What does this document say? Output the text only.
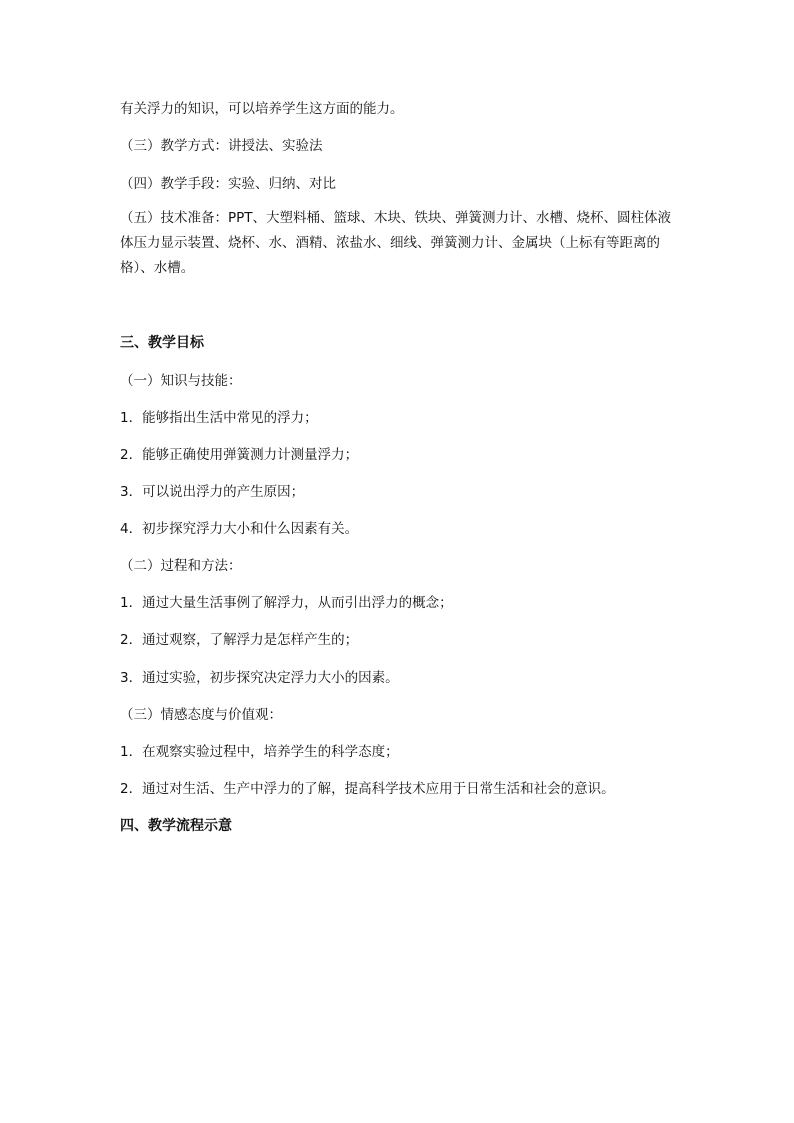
有关浮力的知识，可以培养学生这方面的能力。
（三）教学方式：讲授法、实验法
（四）教学手段：实验、归纳、对比
（五）技术准备：PPT、大塑料桶、篮球、木块、铁块、弹簧测力计、水槽、烧杯、圆柱体液体压力显示装置、烧杯、水、酒精、浓盐水、细线、弹簧测力计、金属块（上标有等距离的格）、水槽。
三、教学目标
（一）知识与技能：
1．能够指出生活中常见的浮力；
2．能够正确使用弹簧测力计测量浮力；
3．可以说出浮力的产生原因；
4．初步探究浮力大小和什么因素有关。
（二）过程和方法：
1．通过大量生活事例了解浮力，从而引出浮力的概念；
2．通过观察，了解浮力是怎样产生的；
3．通过实验，初步探究决定浮力大小的因素。
（三）情感态度与价值观：
1．在观察实验过程中，培养学生的科学态度；
2．通过对生活、生产中浮力的了解，提高科学技术应用于日常生活和社会的意识。
四、教学流程示意
